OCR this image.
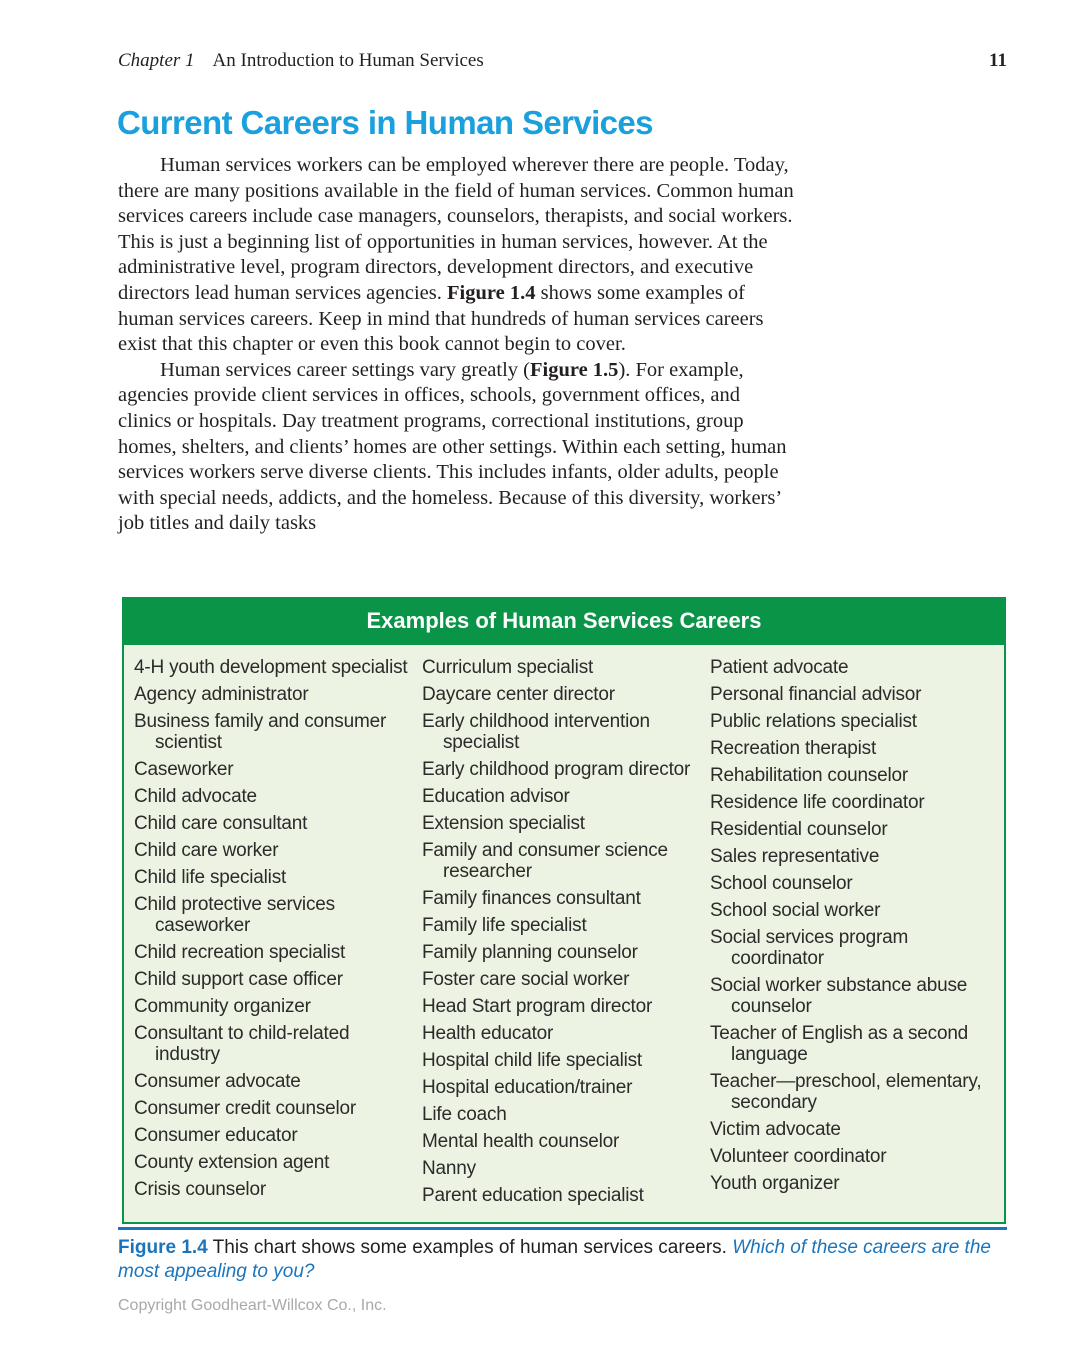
Chapter 1 An Introduction to Human Services	11
Current Careers in Human Services

Human services workers can be employed wherever there are people. Today, there are many positions available in the field of human services. Common human services careers include case managers, counselors, therapists, and social workers. This is just a beginning list of opportunities in human services, however. At the administrative level, program directors, development directors, and executive directors lead human services agencies. Figure 1.4 shows some examples of human services careers. Keep in mind that hundreds of human services careers exist that this chapter or even this book cannot begin to cover.

Human services career settings vary greatly (Figure 1.5). For example, agencies provide client services in offices, schools, government offices, and clinics or hospitals. Day treatment programs, correctional institutions, group homes, shelters, and clients’ homes are other settings. Within each setting, human services workers serve diverse clients. This includes infants, older adults, people with special needs, addicts, and the homeless. Because of this diversity, workers’ job titles and daily tasks

Examples of Human Services Careers
4-H youth development specialist
Agency administrator
Business family and consumer scientist
Caseworker
Child advocate
Child care consultant
Child care worker
Child life specialist
Child protective services caseworker
Child recreation specialist
Child support case officer
Community organizer
Consultant to child-related industry
Consumer advocate
Consumer credit counselor
Consumer educator
County extension agent
Crisis counselor
Curriculum specialist
Daycare center director
Early childhood intervention specialist
Early childhood program director
Education advisor
Extension specialist
Family and consumer science researcher
Family finances consultant
Family life specialist
Family planning counselor
Foster care social worker
Head Start program director
Health educator
Hospital child life specialist
Hospital education/trainer
Life coach
Mental health counselor
Nanny
Parent education specialist
Patient advocate
Personal financial advisor
Public relations specialist
Recreation therapist
Rehabilitation counselor
Residence life coordinator
Residential counselor
Sales representative
School counselor
School social worker
Social services program coordinator
Social worker substance abuse counselor
Teacher of English as a second language
Teacher—preschool, elementary, secondary
Victim advocate
Volunteer coordinator
Youth organizer

Figure 1.4 This chart shows some examples of human services careers. Which of these careers are the most appealing to you?

Copyright Goodheart-Willcox Co., Inc.
